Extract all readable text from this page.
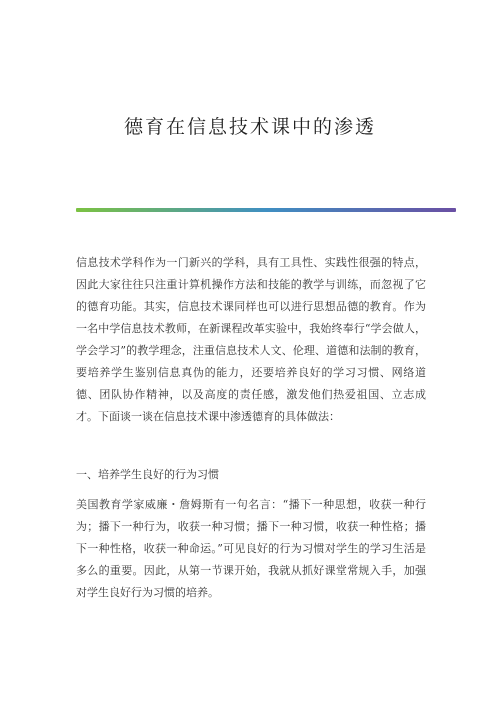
德育在信息技术课中的渗透
信息技术学科作为一门新兴的学科，具有工具性、实践性很强的特点，因此大家往往只注重计算机操作方法和技能的教学与训练，而忽视了它的德育功能。其实，信息技术课同样也可以进行思想品德的教育。作为一名中学信息技术教师，在新课程改革实验中，我始终奉行“学会做人，学会学习”的教学理念，注重信息技术人文、伦理、道德和法制的教育，要培养学生鉴别信息真伪的能力，还要培养良好的学习习惯、网络道德、团队协作精神，以及高度的责任感，激发他们热爱祖国、立志成才。下面谈一谈在信息技术课中渗透德育的具体做法：
一、培养学生良好的行为习惯
美国教育学家威廉・詹姆斯有一句名言：“播下一种思想，收获一种行为；播下一种行为，收获一种习惯；播下一种习惯，收获一种性格；播下一种性格，收获一种命运。”可见良好的行为习惯对学生的学习生活是多么的重要。因此，从第一节课开始，我就从抓好课堂常规入手，加强对学生良好行为习惯的培养。
